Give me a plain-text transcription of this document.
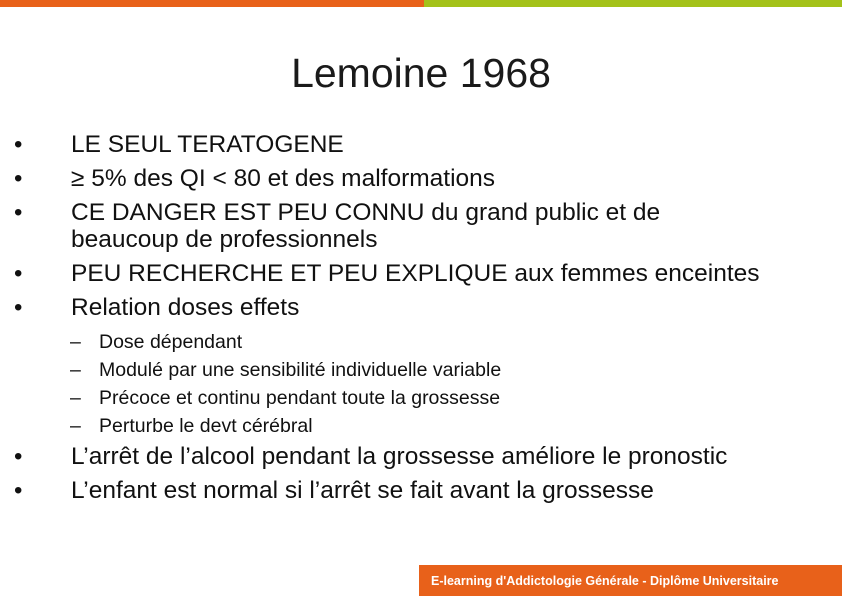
Lemoine 1968
• LE SEUL TERATOGENE
• ≥ 5% des QI < 80 et des malformations
• CE DANGER EST PEU CONNU du grand public et de beaucoup de professionnels
• PEU RECHERCHE ET PEU EXPLIQUE aux femmes enceintes
• Relation doses effets
– Dose dépendant
– Modulé par une sensibilité individuelle variable
– Précoce et continu pendant toute la grossesse
– Perturbe le devt cérébral
• L’arrêt de l’alcool pendant la grossesse améliore le pronostic
• L’enfant est normal si l’arrêt se fait avant la grossesse
E-learning d'Addictologie Générale - Diplôme Universitaire
